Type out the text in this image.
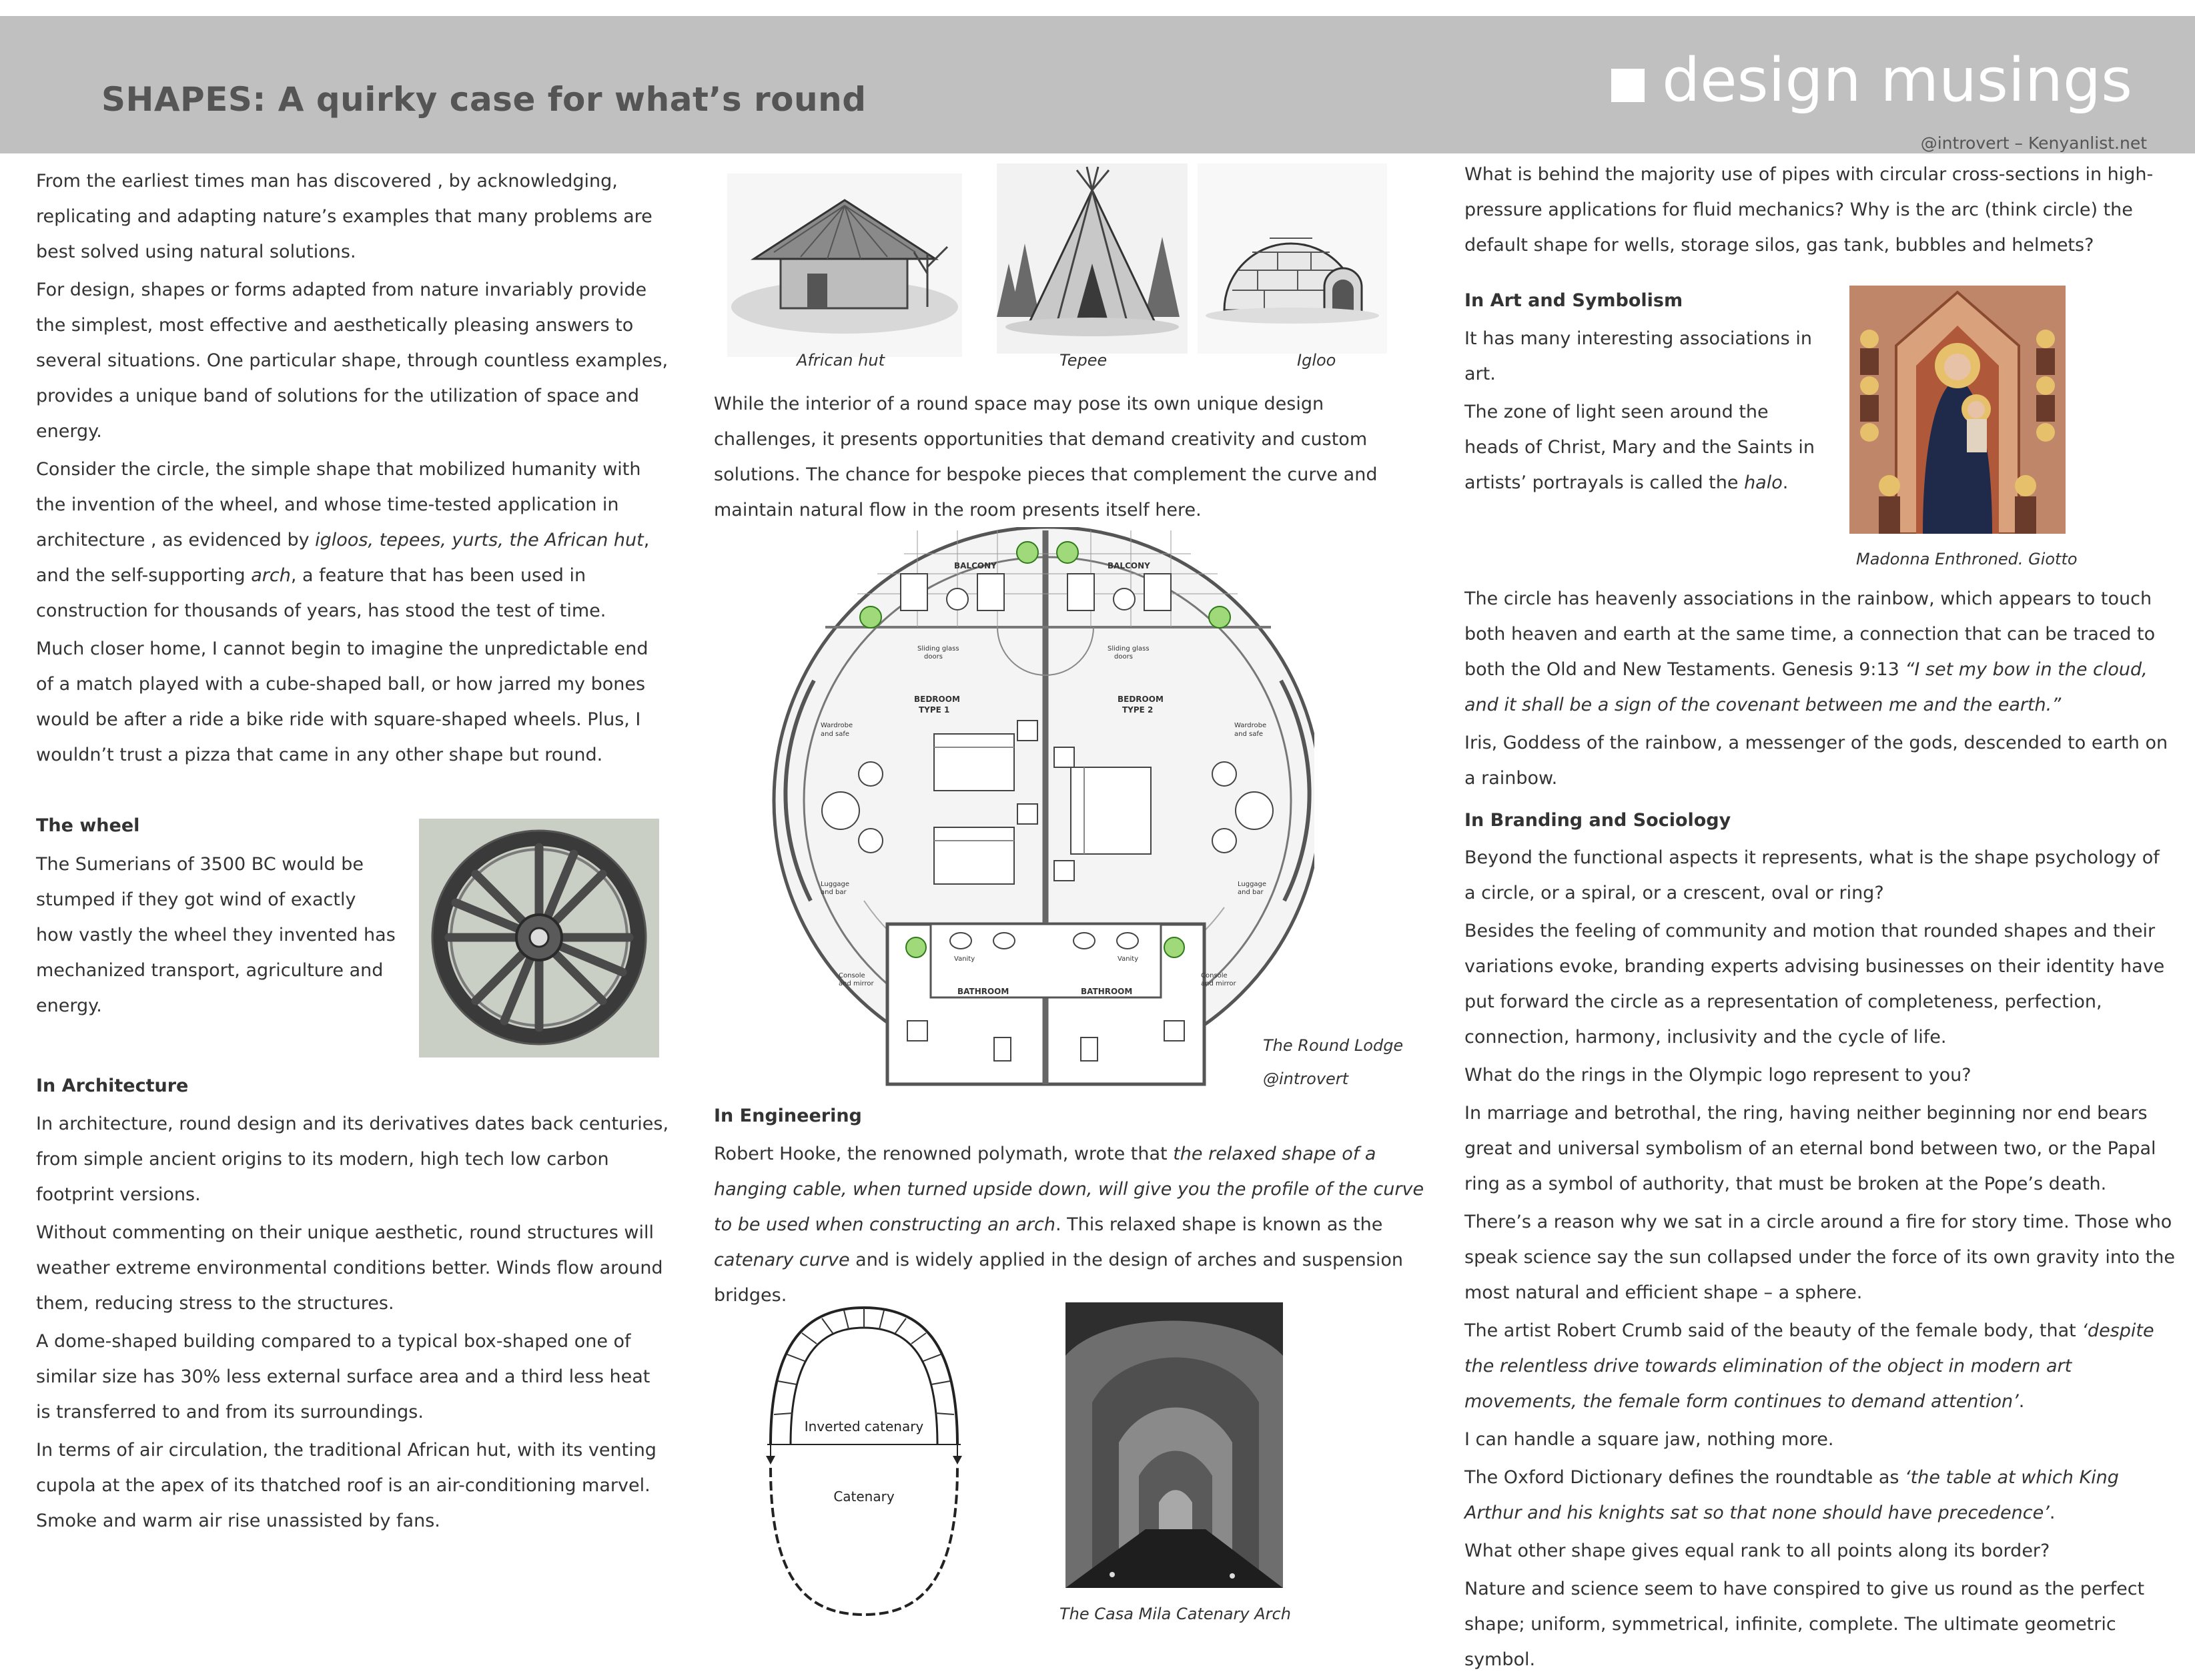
SHAPES: A quirky case for what’s round	design musings
@introvert – Kenyanlist.net

From the earliest times man has discovered , by acknowledging, replicating and adapting nature’s examples that many problems are best solved using natural solutions.

For design, shapes or forms adapted from nature invariably provide the simplest, most effective and aesthetically pleasing answers to several situations. One particular shape, through countless examples, provides a unique band of solutions for the utilization of space and energy.

Consider the circle, the simple shape that mobilized humanity with the invention of the wheel, and whose time-tested application in architecture , as evidenced by igloos, tepees, yurts, the African hut, and the self-supporting arch, a feature that has been used in construction for thousands of years, has stood the test of time.

Much closer home, I cannot begin to imagine the unpredictable end of a match played with a cube-shaped ball, or how jarred my bones would be after a ride a bike ride with square-shaped wheels. Plus, I wouldn’t trust a pizza that came in any other shape but round.

The wheel

The Sumerians of 3500 BC would be stumped if they got wind of exactly how vastly the wheel they invented has mechanized transport, agriculture and energy.

In Architecture

In architecture, round design and its derivatives dates back centuries, from simple ancient origins to its modern, high tech low carbon footprint versions.

Without commenting on their unique aesthetic, round structures will weather extreme environmental conditions better. Winds flow around them, reducing stress to the structures.

A dome-shaped building compared to a typical box-shaped one of similar size has 30% less external surface area and a third less heat is transferred to and from its surroundings.

In terms of air circulation, the traditional African hut, with its venting cupola at the apex of its thatched roof is an air-conditioning marvel. Smoke and warm air rise unassisted by fans.

African hut	Tepee	Igloo

While the interior of a round space may pose its own unique design challenges, it presents opportunities that demand creativity and custom solutions. The chance for bespoke pieces that complement the curve and maintain natural flow in the room presents itself here.

BALCONY	BALCONY
BEDROOM
TYPE 1
BEDROOM
TYPE 2
Wardrobe
and safe
Wardrobe
and safe
Luggage
and bar
Luggage
and bar
Console
and mirror
Console
and mirror
Sliding glass
doors
Sliding glass
doors
Vanity	Vanity
BATHROOM	BATHROOM
The Round Lodge
@introvert
In Engineering

Robert Hooke, the renowned polymath, wrote that the relaxed shape of a hanging cable, when turned upside down, will give you the profile of the curve to be used when constructing an arch. This relaxed shape is known as the catenary curve and is widely applied in the design of arches and suspension bridges.

Inverted catenary
Catenary
The Casa Mila Catenary Arch

What is behind the majority use of pipes with circular cross-sections in high-pressure applications for fluid mechanics? Why is the arc (think circle) the default shape for wells, storage silos, gas tank, bubbles and helmets?

In Art and Symbolism

It has many interesting associations in art.

The zone of light seen around the heads of Christ, Mary and the Saints in artists’ portrayals is called the halo.

Madonna Enthroned. Giotto

The circle has heavenly associations in the rainbow, which appears to touch both heaven and earth at the same time, a connection that can be traced to both the Old and New Testaments. Genesis 9:13 “I set my bow in the cloud, and it shall be a sign of the covenant between me and the earth.”

Iris, Goddess of the rainbow, a messenger of the gods, descended to earth on a rainbow.

In Branding and Sociology

Beyond the functional aspects it represents, what is the shape psychology of a circle, or a spiral, or a crescent, oval or ring?

Besides the feeling of community and motion that rounded shapes and their variations evoke, branding experts advising businesses on their identity have put forward the circle as a representation of completeness, perfection, connection, harmony, inclusivity and the cycle of life.

What do the rings in the Olympic logo represent to you?

In marriage and betrothal, the ring, having neither beginning nor end bears great and universal symbolism of an eternal bond between two, or the Papal ring as a symbol of authority, that must be broken at the Pope’s death.

There’s a reason why we sat in a circle around a fire for story time. Those who speak science say the sun collapsed under the force of its own gravity into the most natural and efficient shape – a sphere.

The artist Robert Crumb said of the beauty of the female body, that ‘despite the relentless drive towards elimination of the object in modern art movements, the female form continues to demand attention’.

I can handle a square jaw, nothing more.

The Oxford Dictionary defines the roundtable as ‘the table at which King Arthur and his knights sat so that none should have precedence’.

What other shape gives equal rank to all points along its border?

Nature and science seem to have conspired to give us round as the perfect shape; uniform, symmetrical, infinite, complete. The ultimate geometric symbol.
